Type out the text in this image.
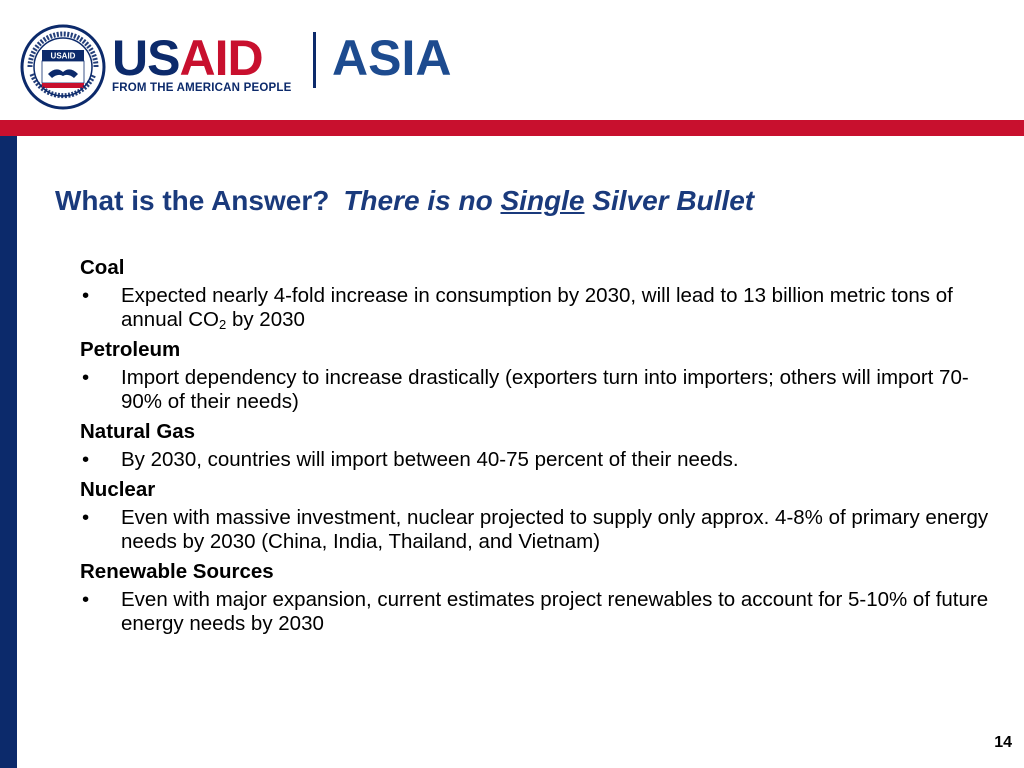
USAID USAID
FROM THE AMERICAN PEOPLE
ASIA
What is the Answer? There is no Single Silver Bullet

Coal

• Expected nearly 4-fold increase in consumption by 2030, will lead to 13 billion metric tons of annual $CO_2$ by 2030

Petroleum

• Import dependency to increase drastically (exporters turn into importers; others will import 70-90% of their needs)

Natural Gas

• By 2030, countries will import between 40-75 percent of their needs.

Nuclear

• Even with massive investment, nuclear projected to supply only approx. 4-8% of primary energy needs by 2030 (China, India, Thailand, and Vietnam)

Renewable Sources

• Even with major expansion, current estimates project renewables to account for 5-10% of future energy needs by 2030

14
